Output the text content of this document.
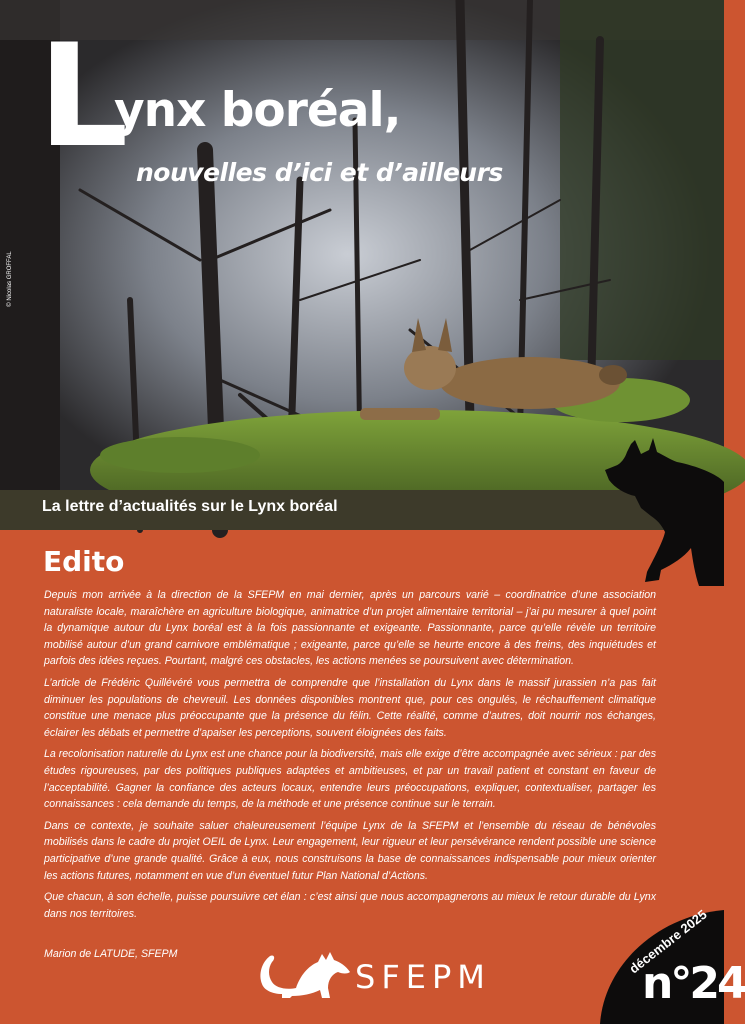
L
ynx boréal,
nouvelles d’ici et d’ailleurs
© Nicolas GROFFAL
La lettre d’actualités sur le Lynx boréal
Edito

Depuis mon arrivée à la direction de la SFEPM en mai dernier, après un parcours varié – coordinatrice d’une association naturaliste locale, maraîchère en agriculture biologique, animatrice d’un projet alimentaire territorial – j’ai pu mesurer à quel point la dynamique autour du Lynx boréal est à la fois passionnante et exigeante. Passionnante, parce qu’elle révèle un territoire mobilisé autour d’un grand carnivore emblématique ; exigeante, parce qu’elle se heurte encore à des freins, des inquiétudes et parfois des idées reçues. Pourtant, malgré ces obstacles, les actions menées se poursuivent avec détermination.

L’article de Frédéric Quillévéré vous permettra de comprendre que l’installation du Lynx dans le massif jurassien n’a pas fait diminuer les populations de chevreuil. Les données disponibles montrent que, pour ces ongulés, le réchauffement climatique constitue une menace plus préoccupante que la présence du félin. Cette réalité, comme d’autres, doit nourrir nos échanges, éclairer les débats et permettre d’apaiser les perceptions, souvent éloignées des faits.

La recolonisation naturelle du Lynx est une chance pour la biodiversité, mais elle exige d’être accompagnée avec sérieux : par des études rigoureuses, par des politiques publiques adaptées et ambitieuses, et par un travail patient et constant en faveur de l’acceptabilité. Gagner la confiance des acteurs locaux, entendre leurs préoccupations, expliquer, contextualiser, partager les connaissances : cela demande du temps, de la méthode et une présence continue sur le terrain.

Dans ce contexte, je souhaite saluer chaleureusement l’équipe Lynx de la SFEPM et l’ensemble du réseau de bénévoles mobilisés dans le cadre du projet OEIL de Lynx. Leur engagement, leur rigueur et leur persévérance rendent possible une science participative d’une grande qualité. Grâce à eux, nous construisons la base de connaissances indispensable pour mieux orienter les actions futures, notamment en vue d’un éventuel futur Plan National d’Actions.

Que chacun, à son échelle, puisse poursuivre cet élan : c’est ainsi que nous accompagnerons au mieux le retour durable du Lynx dans nos territoires.

Marion de LATUDE, SFEPM
SFEPM
décembre 2025
n°24
